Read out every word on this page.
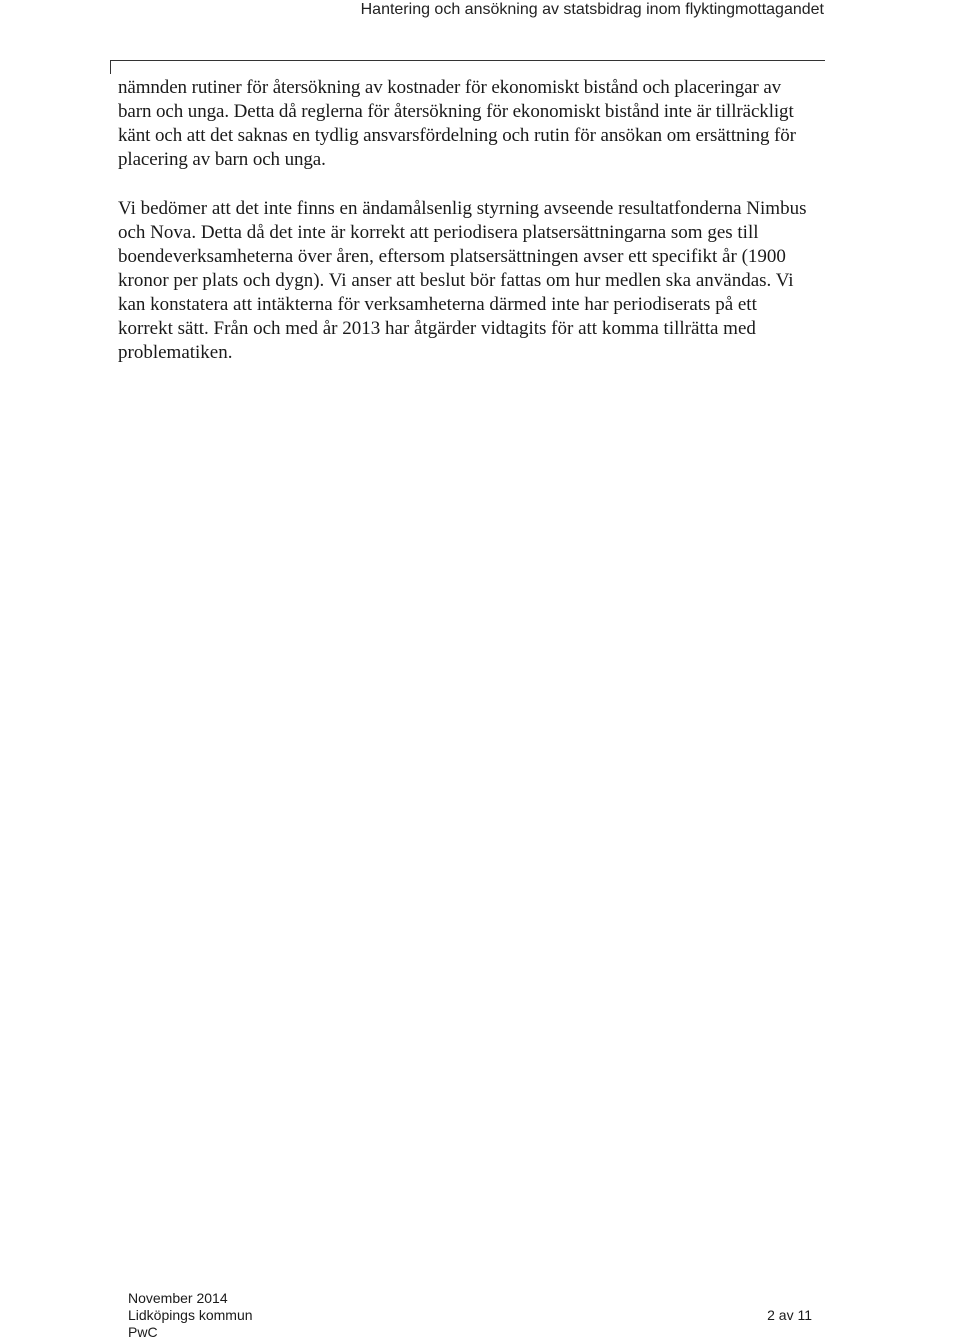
Hantering och ansökning av statsbidrag inom flyktingmottagandet

nämnden rutiner för återsökning av kostnader för ekonomiskt bistånd och placeringar av barn och unga. Detta då reglerna för återsökning för ekonomiskt bistånd inte är tillräckligt känt och att det saknas en tydlig ansvarsfördelning och rutin för ansökan om ersättning för placering av barn och unga.

Vi bedömer att det inte finns en ändamålsenlig styrning avseende resultatfonderna Nimbus och Nova. Detta då det inte är korrekt att periodisera platsersättningarna som ges till boendeverksamheterna över åren, eftersom platsersättningen avser ett specifikt år (1900 kronor per plats och dygn). Vi anser att beslut bör fattas om hur medlen ska användas. Vi kan konstatera att intäkterna för verksamheterna därmed inte har periodiserats på ett korrekt sätt. Från och med år 2013 har åtgärder vidtagits för att komma tillrätta med problematiken.

November 2014
Lidköpings kommun
PwC
2 av 11
